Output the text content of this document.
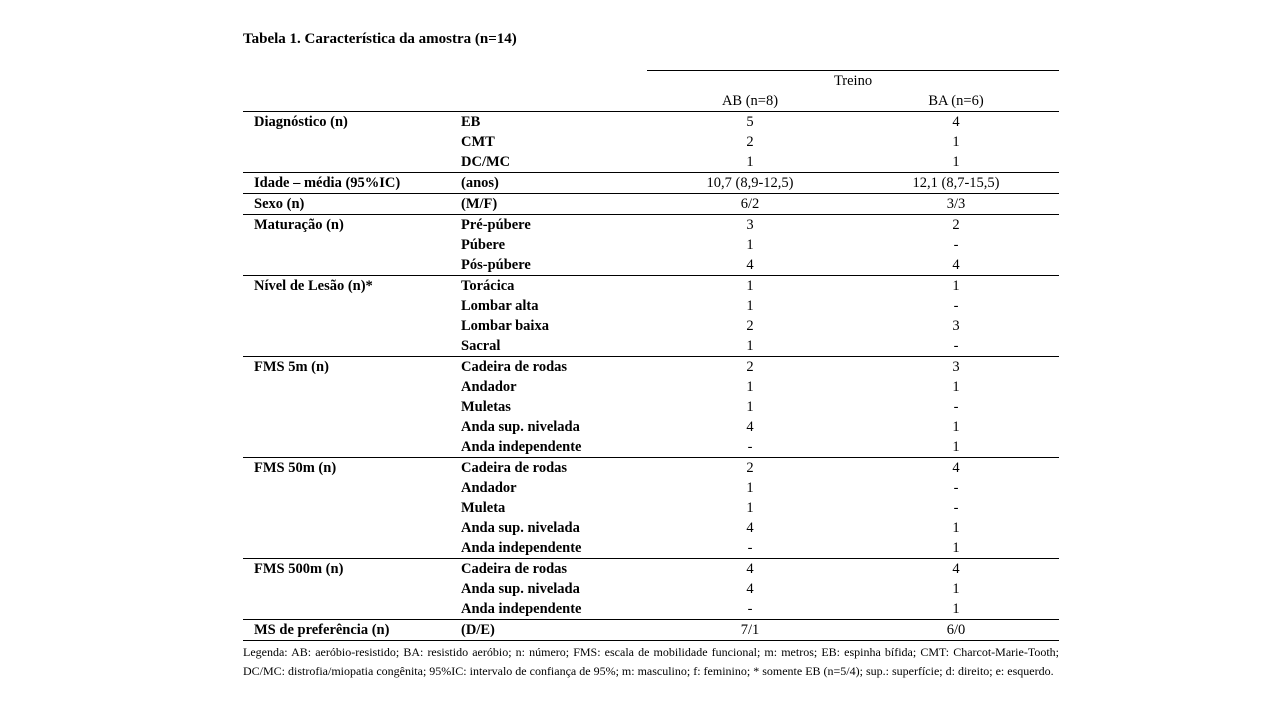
Tabela 1. Característica da amostra (n=14)
		Treino	
		AB (n=8)	BA (n=6)
Diagnóstico (n)	EB	5	4
	CMT	2	1
	DC/MC	1	1
Idade – média (95%IC)	(anos)	10,7 (8,9-12,5)	12,1 (8,7-15,5)
Sexo (n)	(M/F)	6/2	3/3
Maturação (n)	Pré-púbere	3	2
	Púbere	1	-
	Pós-púbere	4	4
Nível de Lesão (n)*	Torácica	1	1
	Lombar alta	1	-
	Lombar baixa	2	3
	Sacral	1	-
FMS 5m (n)	Cadeira de rodas	2	3
	Andador	1	1
	Muletas	1	-
	Anda sup. nivelada	4	1
	Anda independente	-	1
FMS 50m (n)	Cadeira de rodas	2	4
	Andador	1	-
	Muleta	1	-
	Anda sup. nivelada	4	1
	Anda independente	-	1
FMS 500m (n)	Cadeira de rodas	4	4
	Anda sup. nivelada	4	1
	Anda independente	-	1
MS de preferência (n)	(D/E)	7/1	6/0
Legenda: AB: aeróbio-resistido; BA: resistido aeróbio; n: número; FMS: escala de mobilidade funcional; m: metros; EB: espinha bífida; CMT: Charcot-Marie-Tooth; DC/MC: distrofia/miopatia congênita; 95%IC: intervalo de confiança de 95%; m: masculino; f: feminino; * somente EB (n=5/4); sup.: superfície; d: direito; e: esquerdo.
